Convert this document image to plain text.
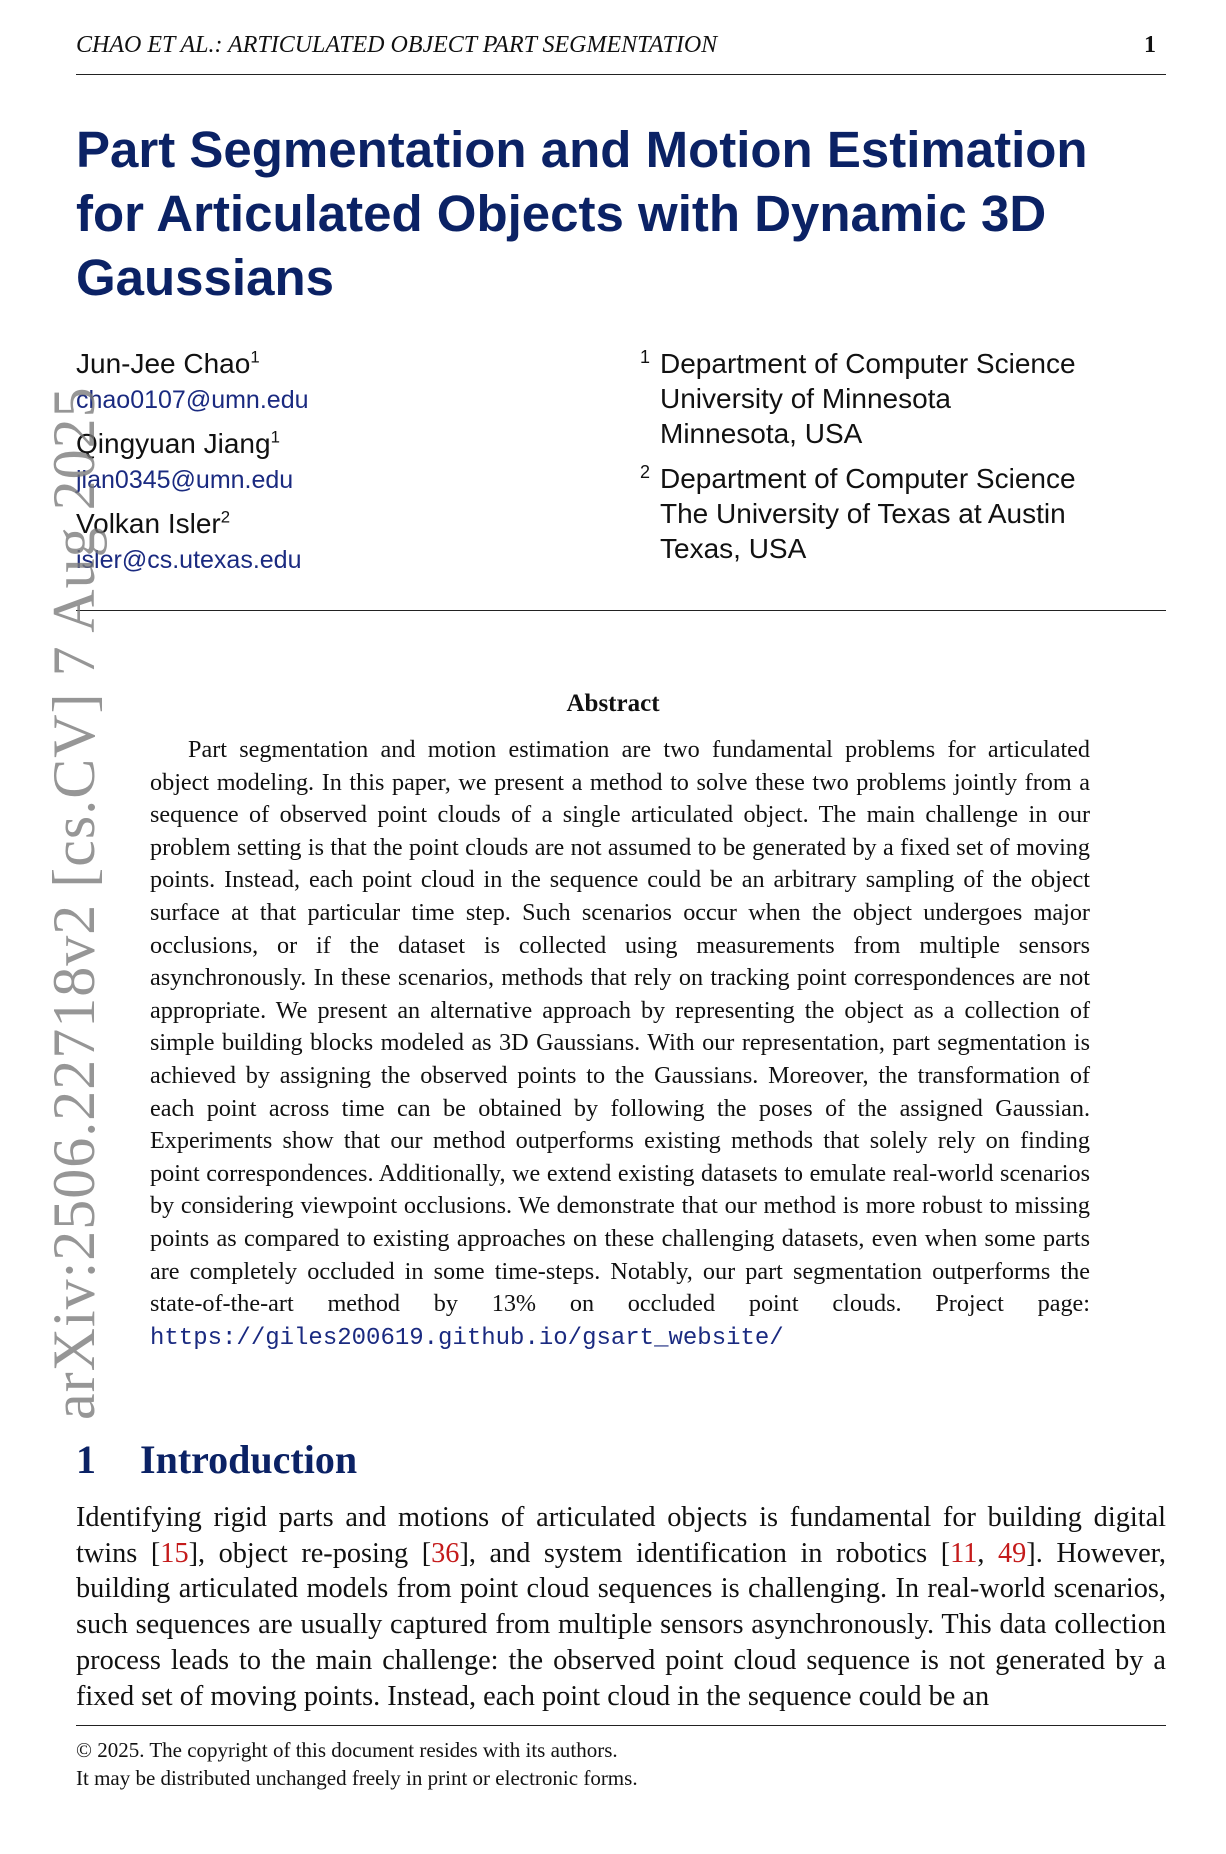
CHAO ET AL.: ARTICULATED OBJECT PART SEGMENTATION	1
Part Segmentation and Motion Estimation for Articulated Objects with Dynamic 3D Gaussians
Jun-Jee Chao$^1$
chao0107@umn.edu
Qingyuan Jiang$^1$
jian0345@umn.edu
Volkan Isler$^2$
isler@cs.utexas.edu
1 Department of Computer Science
University of Minnesota
Minnesota, USA
2 Department of Computer Science
The University of Texas at Austin
Texas, USA
Abstract

Part segmentation and motion estimation are two fundamental problems for articulated object modeling. In this paper, we present a method to solve these two problems jointly from a sequence of observed point clouds of a single articulated object. The main challenge in our problem setting is that the point clouds are not assumed to be generated by a fixed set of moving points. Instead, each point cloud in the sequence could be an arbitrary sampling of the object surface at that particular time step. Such scenarios occur when the object undergoes major occlusions, or if the dataset is collected using measurements from multiple sensors asynchronously. In these scenarios, methods that rely on tracking point correspondences are not appropriate. We present an alternative approach by representing the object as a collection of simple building blocks modeled as 3D Gaussians. With our representation, part segmentation is achieved by assigning the observed points to the Gaussians. Moreover, the transformation of each point across time can be obtained by following the poses of the assigned Gaussian. Experiments show that our method outperforms existing methods that solely rely on finding point correspondences. Additionally, we extend existing datasets to emulate real-world scenarios by considering viewpoint occlusions. We demonstrate that our method is more robust to missing points as compared to existing approaches on these challenging datasets, even when some parts are completely occluded in some time-steps. Notably, our part segmentation outperforms the state-of-the-art method by 13% on occluded point clouds. Project page: https://giles200619.github.io/gsart_website/

1 Introduction

Identifying rigid parts and motions of articulated objects is fundamental for building digital twins [15], object re-posing [36], and system identification in robotics [11, 49]. However, building articulated models from point cloud sequences is challenging. In real-world scenarios, such sequences are usually captured from multiple sensors asynchronously. This data collection process leads to the main challenge: the observed point cloud sequence is not generated by a fixed set of moving points. Instead, each point cloud in the sequence could be an

© 2025. The copyright of this document resides with its authors.
It may be distributed unchanged freely in print or electronic forms.
arXiv:2506.22718v2 [cs.CV] 7 Aug 2025
